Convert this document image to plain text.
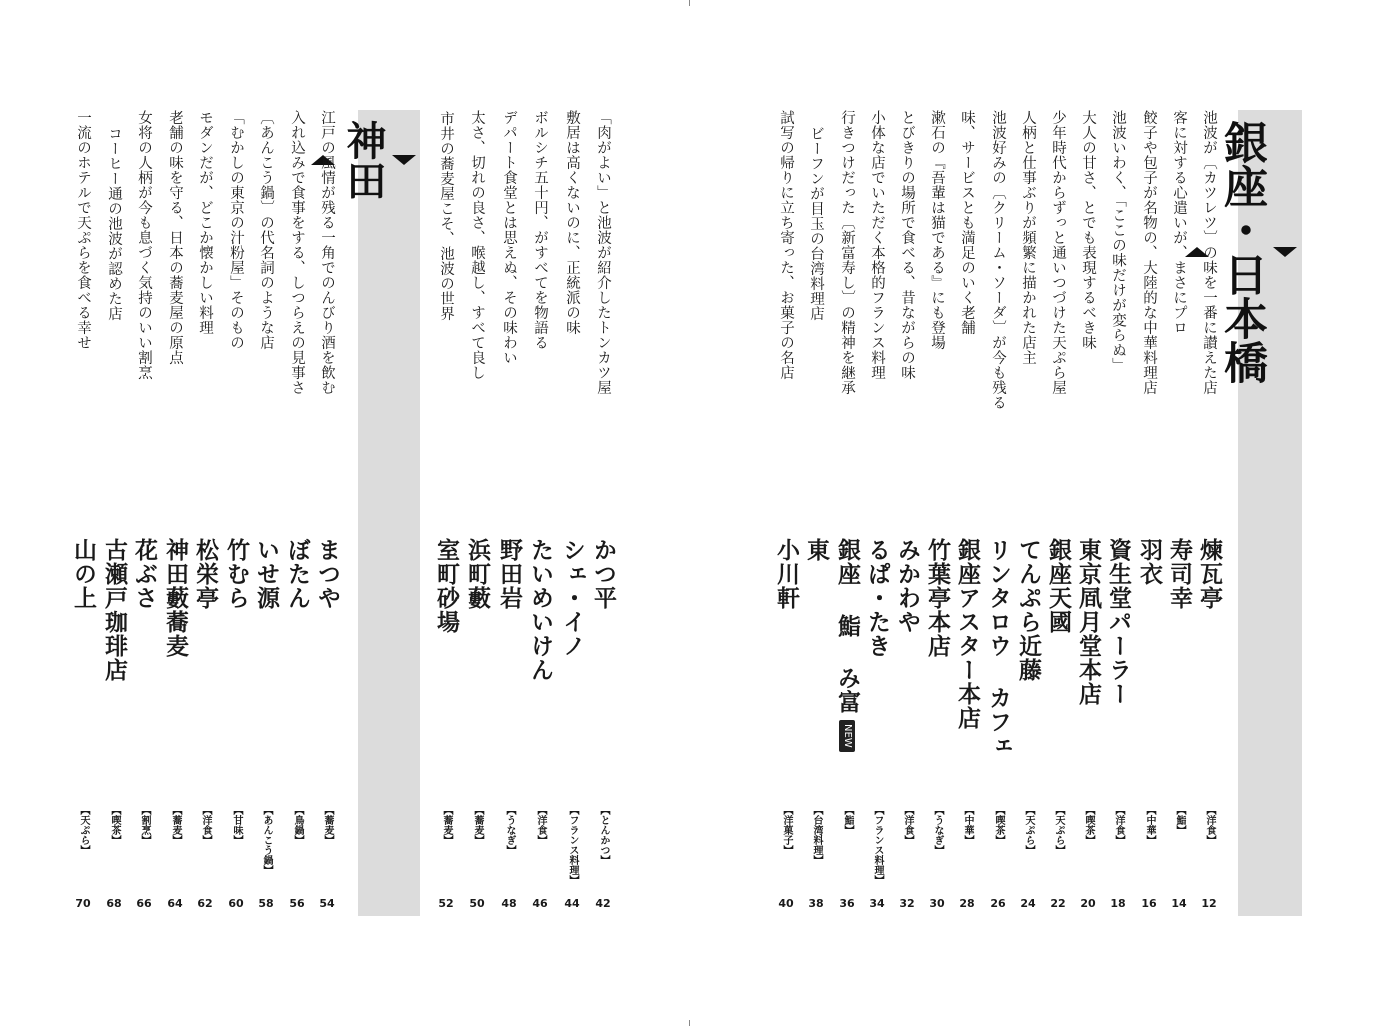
銀座・日本橋
神田	池波が〔カツレツ〕の味を一番に讃えた店
煉瓦亭
【 洋食 】
12
客に対する心遣いが、まさにプロ
寿司幸
【 鮨 】
14
餃子や包子が名物の、大陸的な中華料理店
羽衣
【 中華 】
16
池波いわく、「ここの味だけが変らぬ」
資生堂パーラー
【 洋食 】
18
大人の甘さ、とでも表現するべき味
東京凮月堂本店
【 喫茶 】
20
少年時代からずっと通いつづけた天ぷら屋
銀座天國
【 天ぷら 】
22
人柄と仕事ぶりが頻繁に描かれた店主
てんぷら近藤
【 天ぷら 】
24
池波好みの〔クリーム・ソーダ〕が今も残る
リンタロウ カフェ
【 喫茶 】
26
味、サービスとも満足のいく老舗
銀座アスター本店
【 中華 】
28
漱石の『吾輩は猫である』にも登場
竹葉亭本店
【 うなぎ 】
30
とびきりの場所で食べる、昔ながらの味
みかわや
【 洋食 】
32
小体な店でいただく本格的フランス料理
るぱ・たき
【 フランス料理 】
34
行きつけだった〔新富寿し〕の精神を継承
銀座 鮨 み富NEW
【 鮨 】
36
ビーフンが目玉の台湾料理店
東
【 台湾料理 】
38
試写の帰りに立ち寄った、お菓子の名店
小川軒
【 洋菓子 】
40
「肉がよい」と池波が紹介したトンカツ屋
かつ平
【 とんかつ 】
42
敷居は高くないのに、正統派の味
シェ・イノ
【 フランス料理 】
44
ボルシチ五十円、がすべてを物語る
たいめいけん
【 洋食 】
46
デパート食堂とは思えぬ、その味わい
野田岩
【 うなぎ 】
48
太さ、切れの良さ、喉越し、すべて良し
浜町藪
【 蕎麦 】
50
市井の蕎麦屋こそ、池波の世界
室町砂場
【 蕎麦 】
52
江戸の風情が残る一角でのんびり酒を飲む
まつや
【 蕎麦 】
54
入れ込みで食事をする、しつらえの見事さ
ぼたん
【 鳥鍋 】
56
〔あんこう鍋〕の代名詞のような店
いせ源
【 あんこう鍋 】
58
「むかしの東京の汁粉屋」そのもの
竹むら
【 甘味 】
60
モダンだが、どこか懐かしい料理
松栄亭
【 洋食 】
62
老舗の味を守る、日本の蕎麦屋の原点
神田藪蕎麦
【 蕎麦 】
64
女将の人柄が今も息づく気持のいい割烹
花ぶさ
【 割烹 】
66
コーヒー通の池波が認めた店
古瀬戸珈琲店
【 喫茶 】
68
一流のホテルで天ぷらを食べる幸せ
山の上
【 天ぷら 】
70
